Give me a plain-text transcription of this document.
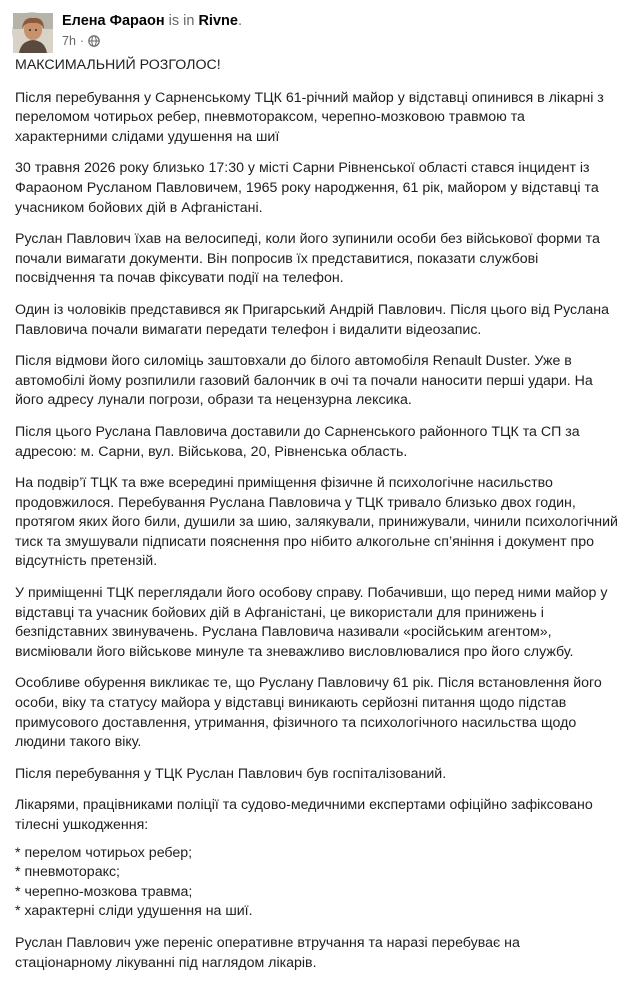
Елена Фараон is in Rivne.
7h ·

МАКСИМАЛЬНИЙ РОЗГОЛОС!

Після перебування у Сарненському ТЦК 61-річний майор у відставці опинився в лікарні з переломом чотирьох ребер, пневмотораксом, черепно-мозковою травмою та характерними слідами удушення на шиї

30 травня 2026 року близько 17:30 у місті Сарни Рівненської області стався інцидент із Фараоном Русланом Павловичем, 1965 року народження, 61 рік, майором у відставці та учасником бойових дій в Афганістані.

Руслан Павлович їхав на велосипеді, коли його зупинили особи без військової форми та почали вимагати документи. Він попросив їх представитися, показати службові посвідчення та почав фіксувати події на телефон.

Один із чоловіків представився як Пригарський Андрій Павлович. Після цього від Руслана Павловича почали вимагати передати телефон і видалити відеозапис.

Після відмови його силоміць заштовхали до білого автомобіля Renault Duster. Уже в автомобілі йому розпилили газовий балончик в очі та почали наносити перші удари. На його адресу лунали погрози, образи та нецензурна лексика.

Після цього Руслана Павловича доставили до Сарненського районного ТЦК та СП за адресою: м. Сарни, вул. Військова, 20, Рівненська область.

На подвір’ї ТЦК та вже всередині приміщення фізичне й психологічне насильство продовжилося. Перебування Руслана Павловича у ТЦК тривало близько двох годин, протягом яких його били, душили за шию, залякували, принижували, чинили психологічний тиск та змушували підписати пояснення про нібито алкогольне сп’яніння і документ про відсутність претензій.

У приміщенні ТЦК переглядали його особову справу. Побачивши, що перед ними майор у відставці та учасник бойових дій в Афганістані, це використали для принижень і безпідставних звинувачень. Руслана Павловича називали «російським агентом», висміювали його військове минуле та зневажливо висловлювалися про його службу.

Особливе обурення викликає те, що Руслану Павловичу 61 рік. Після встановлення його особи, віку та статусу майора у відставці виникають серйозні питання щодо підстав примусового доставлення, утримання, фізичного та психологічного насильства щодо людини такого віку.

Після перебування у ТЦК Руслан Павлович був госпіталізований.

Лікарями, працівниками поліції та судово-медичними експертами офіційно зафіксовано тілесні ушкодження:

* перелом чотирьох ребер;
* пневмоторакс;
* черепно-мозкова травма;
* характерні сліди удушення на шиї.

Руслан Павлович уже переніс оперативне втручання та наразі перебуває на стаціонарному лікуванні під наглядом лікарів.
